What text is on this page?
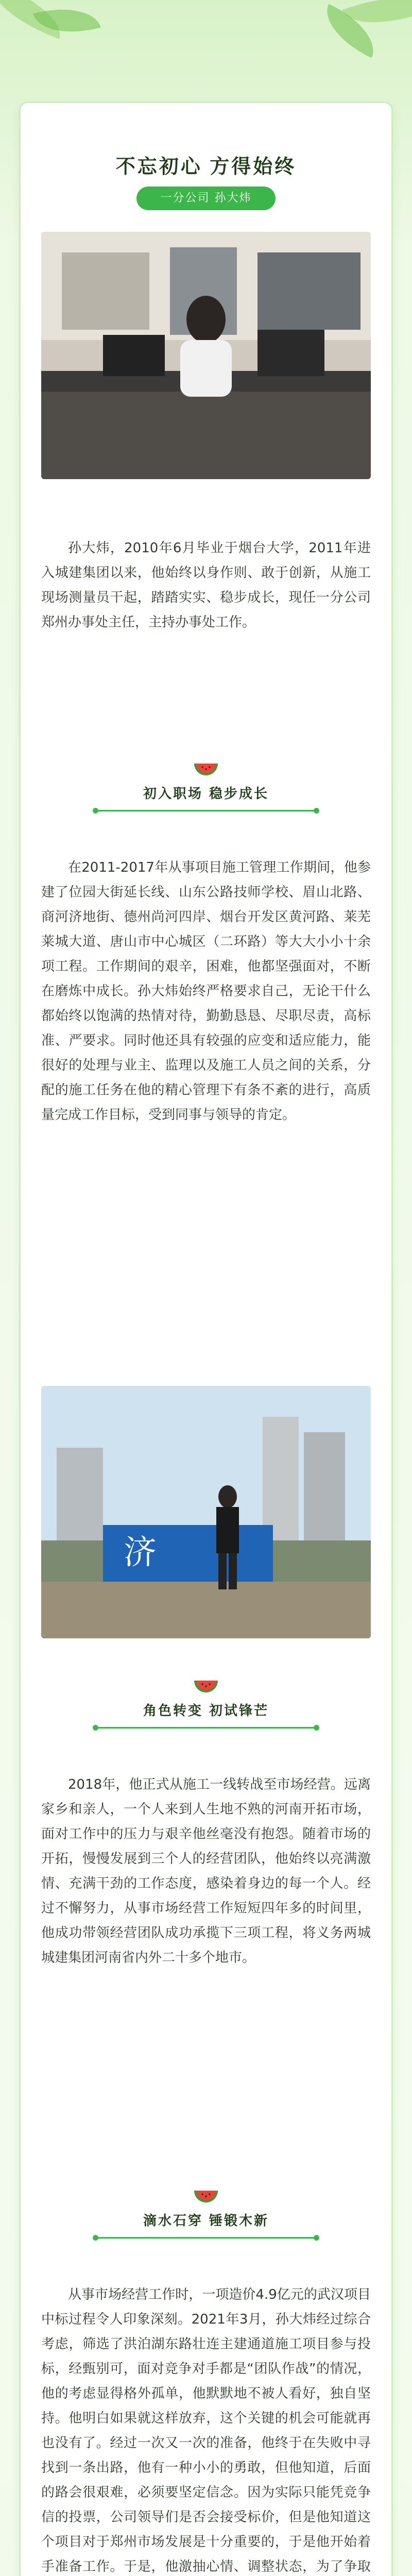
不忘初心 方得始终
一分公司 孙大炜

孙大炜，2010年6月毕业于烟台大学，2011年进入城建集团以来，他始终以身作则、敢于创新，从施工现场测量员干起，踏踏实实、稳步成长，现任一分公司郑州办事处主任，主持办事处工作。

初入职场 稳步成长

在2011-2017年从事项目施工管理工作期间，他参建了位园大街延长线、山东公路技师学校、眉山北路、商河济地街、德州尚河四岸、烟台开发区黄河路、莱芜莱城大道、唐山市中心城区（二环路）等大大小小十余项工程。工作期间的艰辛，困难，他都坚强面对，不断在磨炼中成长。孙大炜始终严格要求自己，无论干什么都始终以饱满的热情对待，勤勤恳恳、尽职尽责，高标准、严要求。同时他还具有较强的应变和适应能力，能很好的处理与业主、监理以及施工人员之间的关系，分配的施工任务在他的精心管理下有条不紊的进行，高质量完成工作目标，受到同事与领导的肯定。

济
角色转变 初试锋芒

2018年，他正式从施工一线转战至市场经营。远离家乡和亲人，一个人来到人生地不熟的河南开拓市场，面对工作中的压力与艰辛他丝毫没有抱怨。随着市场的开拓，慢慢发展到三个人的经营团队，他始终以亮满激情、充满干劲的工作态度，感染着身边的每一个人。经过不懈努力，从事市场经营工作短短四年多的时间里，他成功带领经营团队成功承揽下三项工程，将义务两城城建集团河南省内外二十多个地市。

滴水石穿 锤锻木新

从事市场经营工作时，一项造价4.9亿元的武汉项目中标过程令人印象深刻。2021年3月，孙大炜经过综合考虑，筛选了洪泊湖东路壮连主建通道施工项目参与投标，经甄别可，面对竞争对手都是“团队作战”的情况，他的考虑显得格外孤单，他默默地不被人看好，独自坚持。他明白如果就这样放弃，这个关键的机会可能就再也没有了。经过一次又一次的准备，他终于在失败中寻找到一条出路，他有一种小小的勇敢，但他知道，后面的路会很艰难，必须要坚定信念。因为实际只能凭竞争信的投票，公司领导们是否会接受标价，但是他知道这个项目对于郑州市场发展是十分重要的，于是他开始着手准备工作。于是，他激抽心情、调整状态，为了争取
